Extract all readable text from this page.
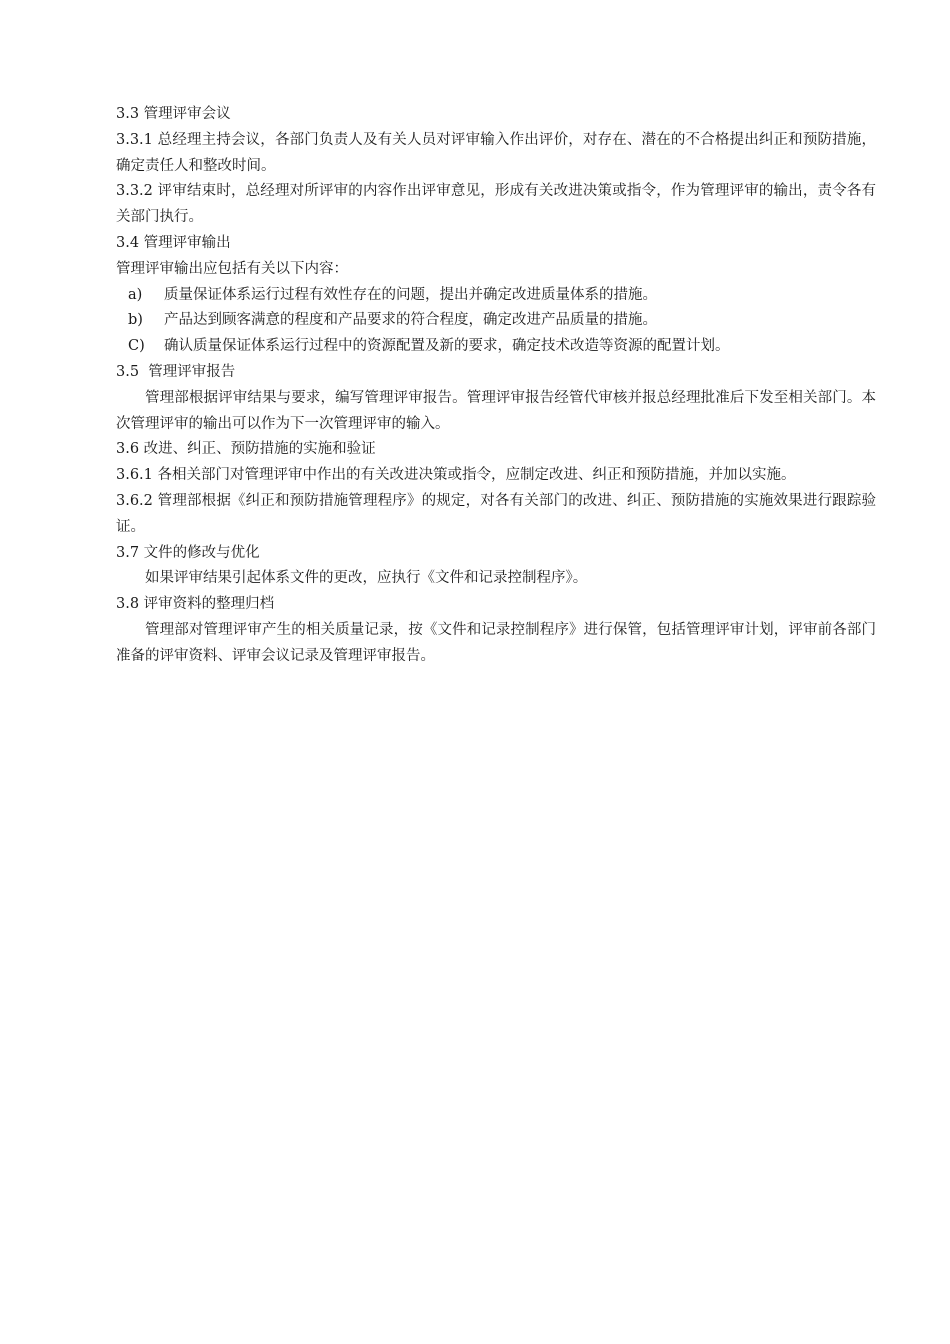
3.3 管理评审会议
3.3.1 总经理主持会议，各部门负责人及有关人员对评审输入作出评价，对存在、潜在的不合格提出纠正和预防措施，确定责任人和整改时间。
3.3.2 评审结束时，总经理对所评审的内容作出评审意见，形成有关改进决策或指令，作为管理评审的输出，责令各有关部门执行。
3.4 管理评审输出
管理评审输出应包括有关以下内容：
a)	质量保证体系运行过程有效性存在的问题，提出并确定改进质量体系的措施。
b)	产品达到顾客满意的程度和产品要求的符合程度，确定改进产品质量的措施。
C)	确认质量保证体系运行过程中的资源配置及新的要求，确定技术改造等资源的配置计划。
3.5  管理评审报告
管理部根据评审结果与要求，编写管理评审报告。管理评审报告经管代审核并报总经理批准后下发至相关部门。本次管理评审的输出可以作为下一次管理评审的输入。
3.6 改进、纠正、预防措施的实施和验证
3.6.1 各相关部门对管理评审中作出的有关改进决策或指令，应制定改进、纠正和预防措施，并加以实施。
3.6.2 管理部根据《纠正和预防措施管理程序》的规定，对各有关部门的改进、纠正、预防措施的实施效果进行跟踪验证。
3.7 文件的修改与优化
如果评审结果引起体系文件的更改，应执行《文件和记录控制程序》。
3.8 评审资料的整理归档
管理部对管理评审产生的相关质量记录，按《文件和记录控制程序》进行保管，包括管理评审计划，评审前各部门准备的评审资料、评审会议记录及管理评审报告。
